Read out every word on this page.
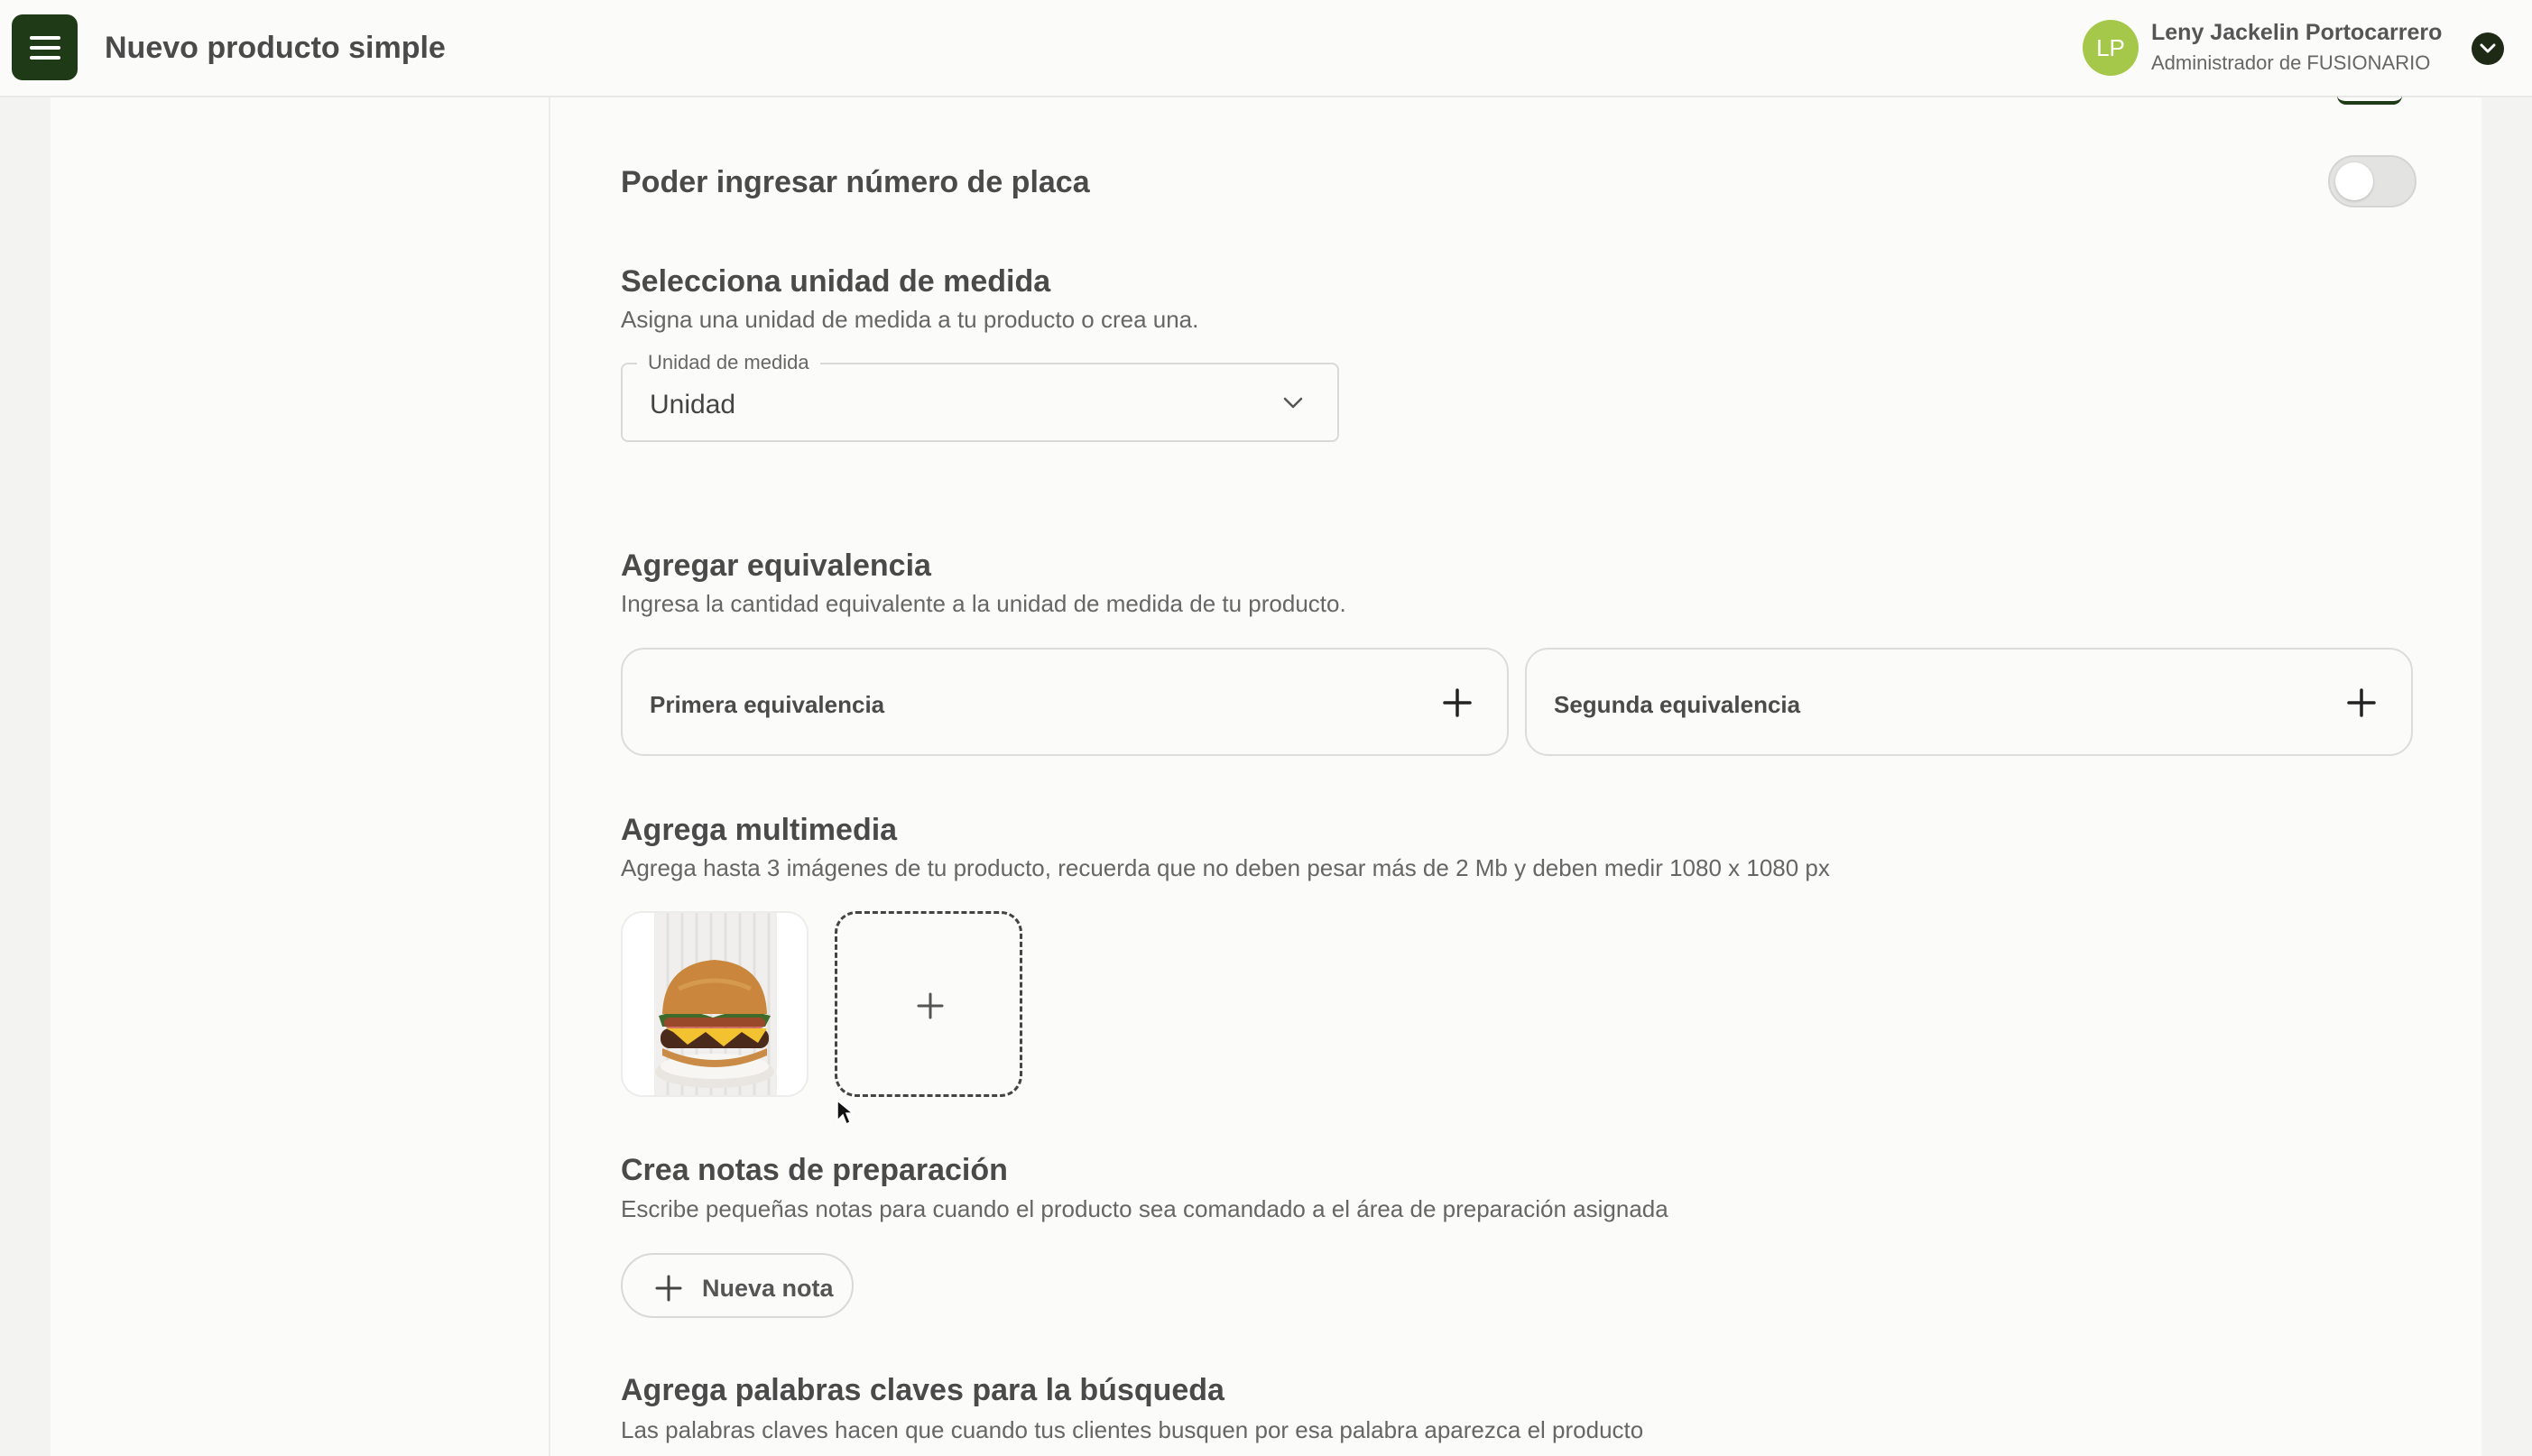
Nuevo producto simple	LP
Leny Jackelin Portocarrero
Administrador de FUSIONARIO
Poder ingresar número de placa
Selecciona unidad de medida
Asigna una unidad de medida a tu producto o crea una.
Unidad de medida
Unidad
Agregar equivalencia
Ingresa la cantidad equivalente a la unidad de medida de tu producto.
Primera equivalencia	Segunda equivalencia
Agrega multimedia
Agrega hasta 3 imágenes de tu producto, recuerda que no deben pesar más de 2 Mb y deben medir 1080 x 1080 px
Crea notas de preparación
Escribe pequeñas notas para cuando el producto sea comandado a el área de preparación asignada
Nueva nota
Agrega palabras claves para la búsqueda
Las palabras claves hacen que cuando tus clientes busquen por esa palabra aparezca el producto
